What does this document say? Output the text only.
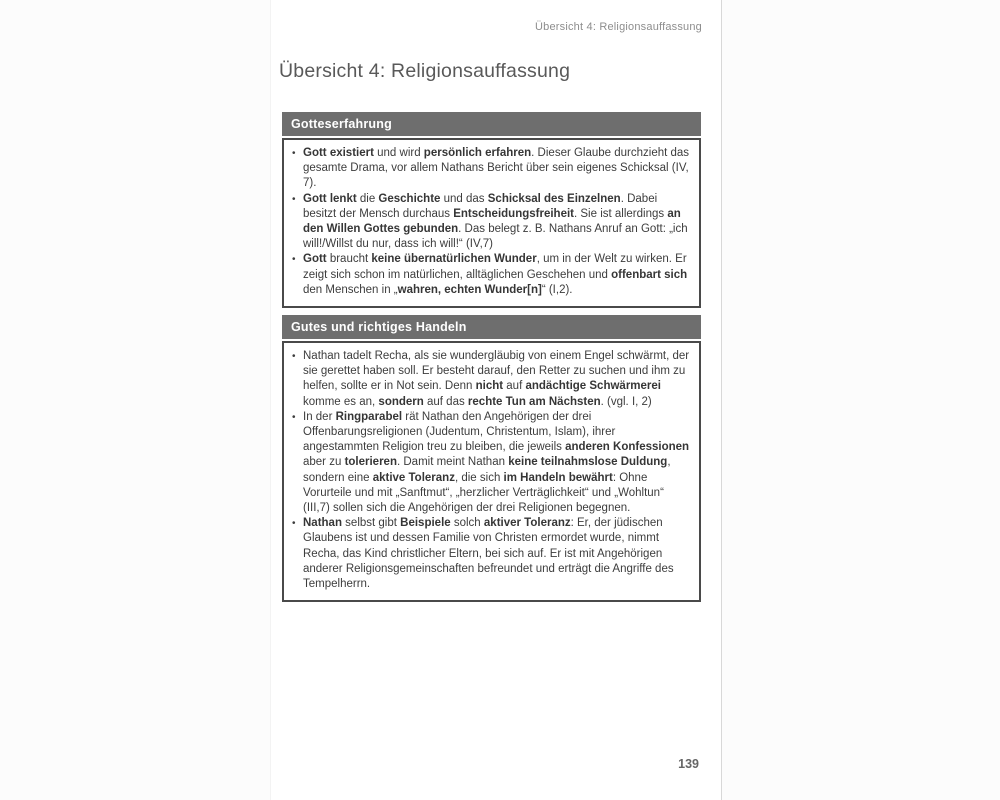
Übersicht 4: Religionsauffassung
Übersicht 4: Religionsauffassung
Gotteserfahrung
• Gott existiert und wird persönlich erfahren. Dieser Glaube durchzieht das gesamte Drama, vor allem Nathans Bericht über sein eigenes Schicksal (IV, 7).
• Gott lenkt die Geschichte und das Schicksal des Einzelnen. Dabei besitzt der Mensch durchaus Entscheidungsfreiheit. Sie ist allerdings an den Willen Gottes gebunden. Das belegt z. B. Nathans Anruf an Gott: „ich will!/Willst du nur, dass ich will!“ (IV,7)
• Gott braucht keine übernatürlichen Wunder, um in der Welt zu wirken. Er zeigt sich schon im natürlichen, alltäglichen Geschehen und offenbart sich den Menschen in „wahren, echten Wunder[n]“ (I,2).
Gutes und richtiges Handeln
• Nathan tadelt Recha, als sie wundergläubig von einem Engel schwärmt, der sie gerettet haben soll. Er besteht darauf, den Retter zu suchen und ihm zu helfen, sollte er in Not sein. Denn nicht auf andächtige Schwärmerei komme es an, sondern auf das rechte Tun am Nächsten. (vgl. I, 2)
• In der Ringparabel rät Nathan den Angehörigen der drei Offenbarungsreligionen (Judentum, Christentum, Islam), ihrer angestammten Religion treu zu bleiben, die jeweils anderen Konfessionen aber zu tolerieren. Damit meint Nathan keine teilnahmslose Duldung, sondern eine aktive Toleranz, die sich im Handeln bewährt: Ohne Vorurteile und mit „Sanftmut“, „herzlicher Verträglichkeit“ und „Wohltun“ (III,7) sollen sich die Angehörigen der drei Religionen begegnen.
• Nathan selbst gibt Beispiele solch aktiver Toleranz: Er, der jüdischen Glaubens ist und dessen Familie von Christen ermordet wurde, nimmt Recha, das Kind christlicher Eltern, bei sich auf. Er ist mit Angehörigen anderer Religionsgemeinschaften befreundet und erträgt die Angriffe des Tempelherrn.
139
